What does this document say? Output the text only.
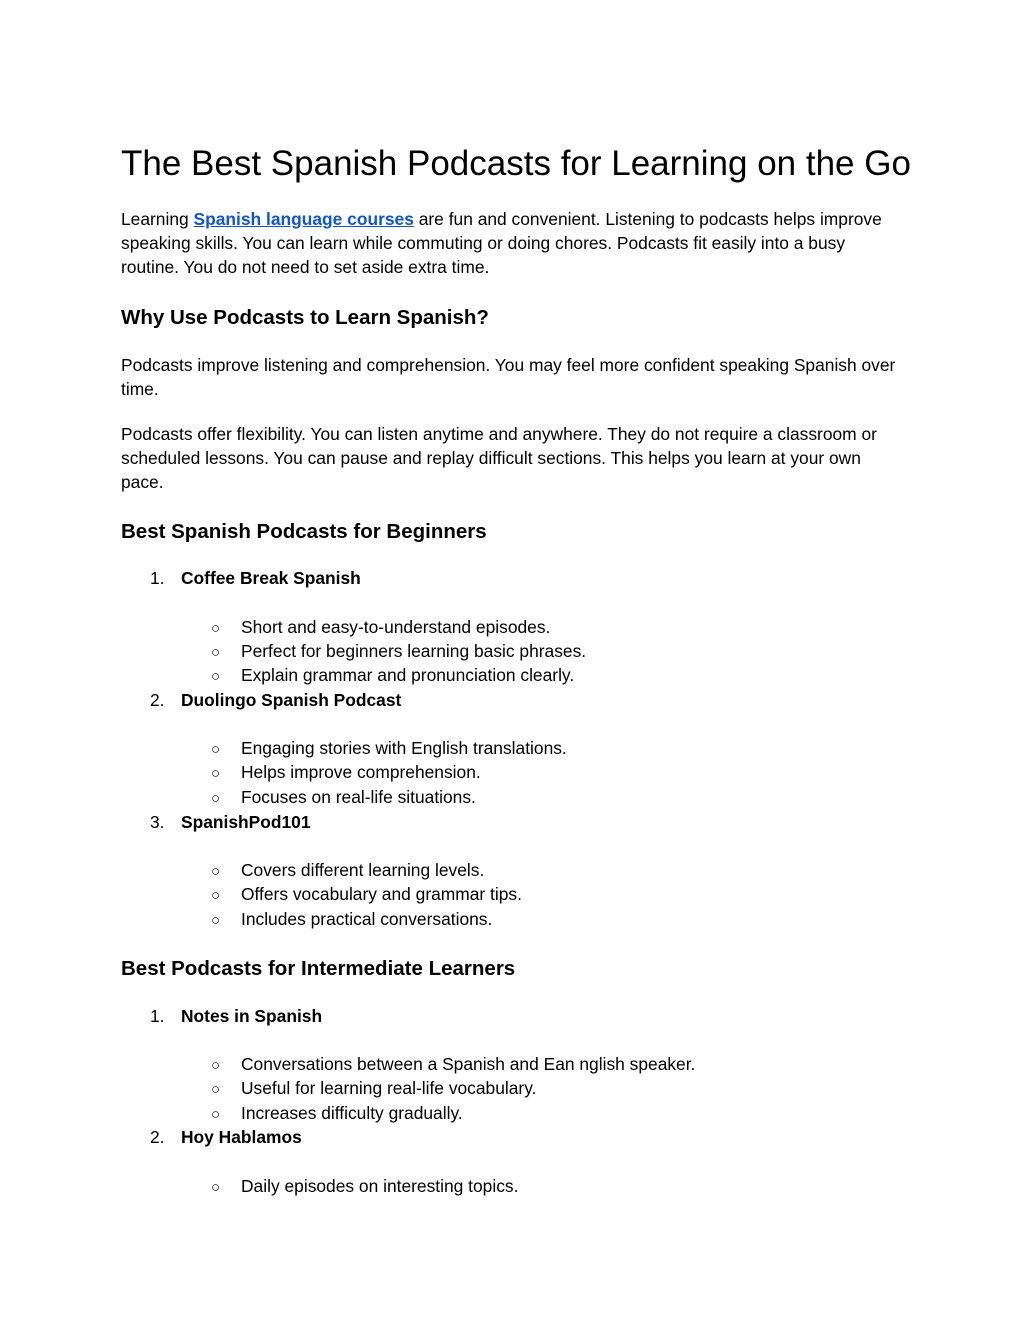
The Best Spanish Podcasts for Learning on the Go

Learning Spanish language courses are fun and convenient. Listening to podcasts helps improve speaking skills. You can learn while commuting or doing chores. Podcasts fit easily into a busy routine. You do not need to set aside extra time.

Why Use Podcasts to Learn Spanish?

Podcasts improve listening and comprehension. You may feel more confident speaking Spanish over time.

Podcasts offer flexibility. You can listen anytime and anywhere. They do not require a classroom or scheduled lessons. You can pause and replay difficult sections. This helps you learn at your own pace.

Best Spanish Podcasts for Beginners
1. Coffee Break Spanish
○ Short and easy-to-understand episodes.
○ Perfect for beginners learning basic phrases.
○ Explain grammar and pronunciation clearly.
2. Duolingo Spanish Podcast
○ Engaging stories with English translations.
○ Helps improve comprehension.
○ Focuses on real-life situations.
3. SpanishPod101
○ Covers different learning levels.
○ Offers vocabulary and grammar tips.
○ Includes practical conversations.
Best Podcasts for Intermediate Learners
1. Notes in Spanish
○ Conversations between a Spanish and Ean nglish speaker.
○ Useful for learning real-life vocabulary.
○ Increases difficulty gradually.
2. Hoy Hablamos
○ Daily episodes on interesting topics.
